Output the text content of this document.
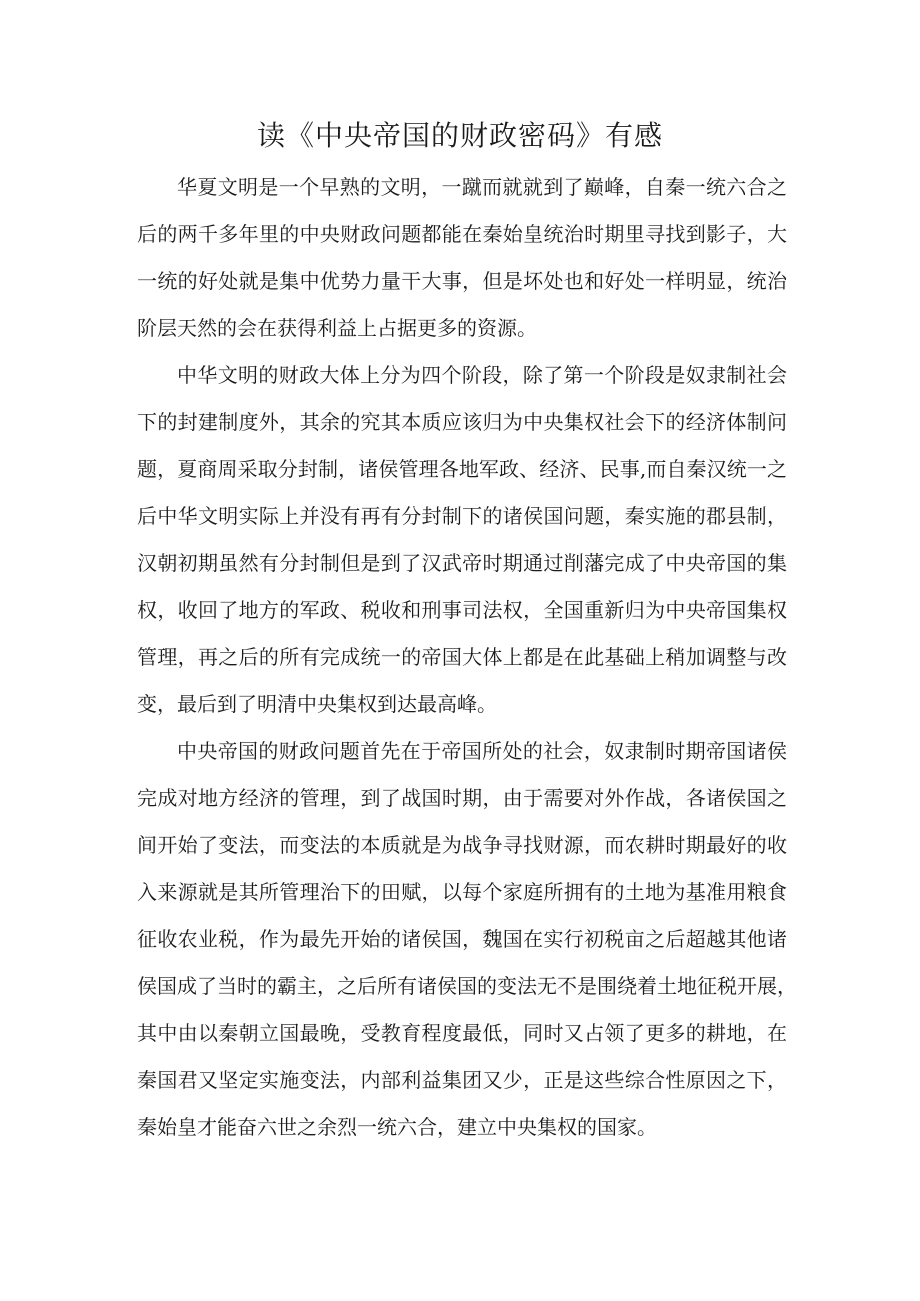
读《中央帝国的财政密码》有感
华夏文明是一个早熟的文明，一蹴而就就到了巅峰，自秦一统六合之
后的两千多年里的中央财政问题都能在秦始皇统治时期里寻找到影子，大
一统的好处就是集中优势力量干大事，但是坏处也和好处一样明显，统治
阶层天然的会在获得利益上占据更多的资源。
中华文明的财政大体上分为四个阶段，除了第一个阶段是奴隶制社会
下的封建制度外，其余的究其本质应该归为中央集权社会下的经济体制问
题，夏商周采取分封制，诸侯管理各地军政、经济、民事,而自秦汉统一之
后中华文明实际上并没有再有分封制下的诸侯国问题，秦实施的郡县制，
汉朝初期虽然有分封制但是到了汉武帝时期通过削藩完成了中央帝国的集
权，收回了地方的军政、税收和刑事司法权，全国重新归为中央帝国集权
管理，再之后的所有完成统一的帝国大体上都是在此基础上稍加调整与改
变，最后到了明清中央集权到达最高峰。
中央帝国的财政问题首先在于帝国所处的社会，奴隶制时期帝国诸侯
完成对地方经济的管理，到了战国时期，由于需要对外作战，各诸侯国之
间开始了变法，而变法的本质就是为战争寻找财源，而农耕时期最好的收
入来源就是其所管理治下的田赋，以每个家庭所拥有的土地为基准用粮食
征收农业税，作为最先开始的诸侯国，魏国在实行初税亩之后超越其他诸
侯国成了当时的霸主，之后所有诸侯国的变法无不是围绕着土地征税开展，
其中由以秦朝立国最晚，受教育程度最低，同时又占领了更多的耕地，在
秦国君又坚定实施变法，内部利益集团又少，正是这些综合性原因之下，
秦始皇才能奋六世之余烈一统六合，建立中央集权的国家。
